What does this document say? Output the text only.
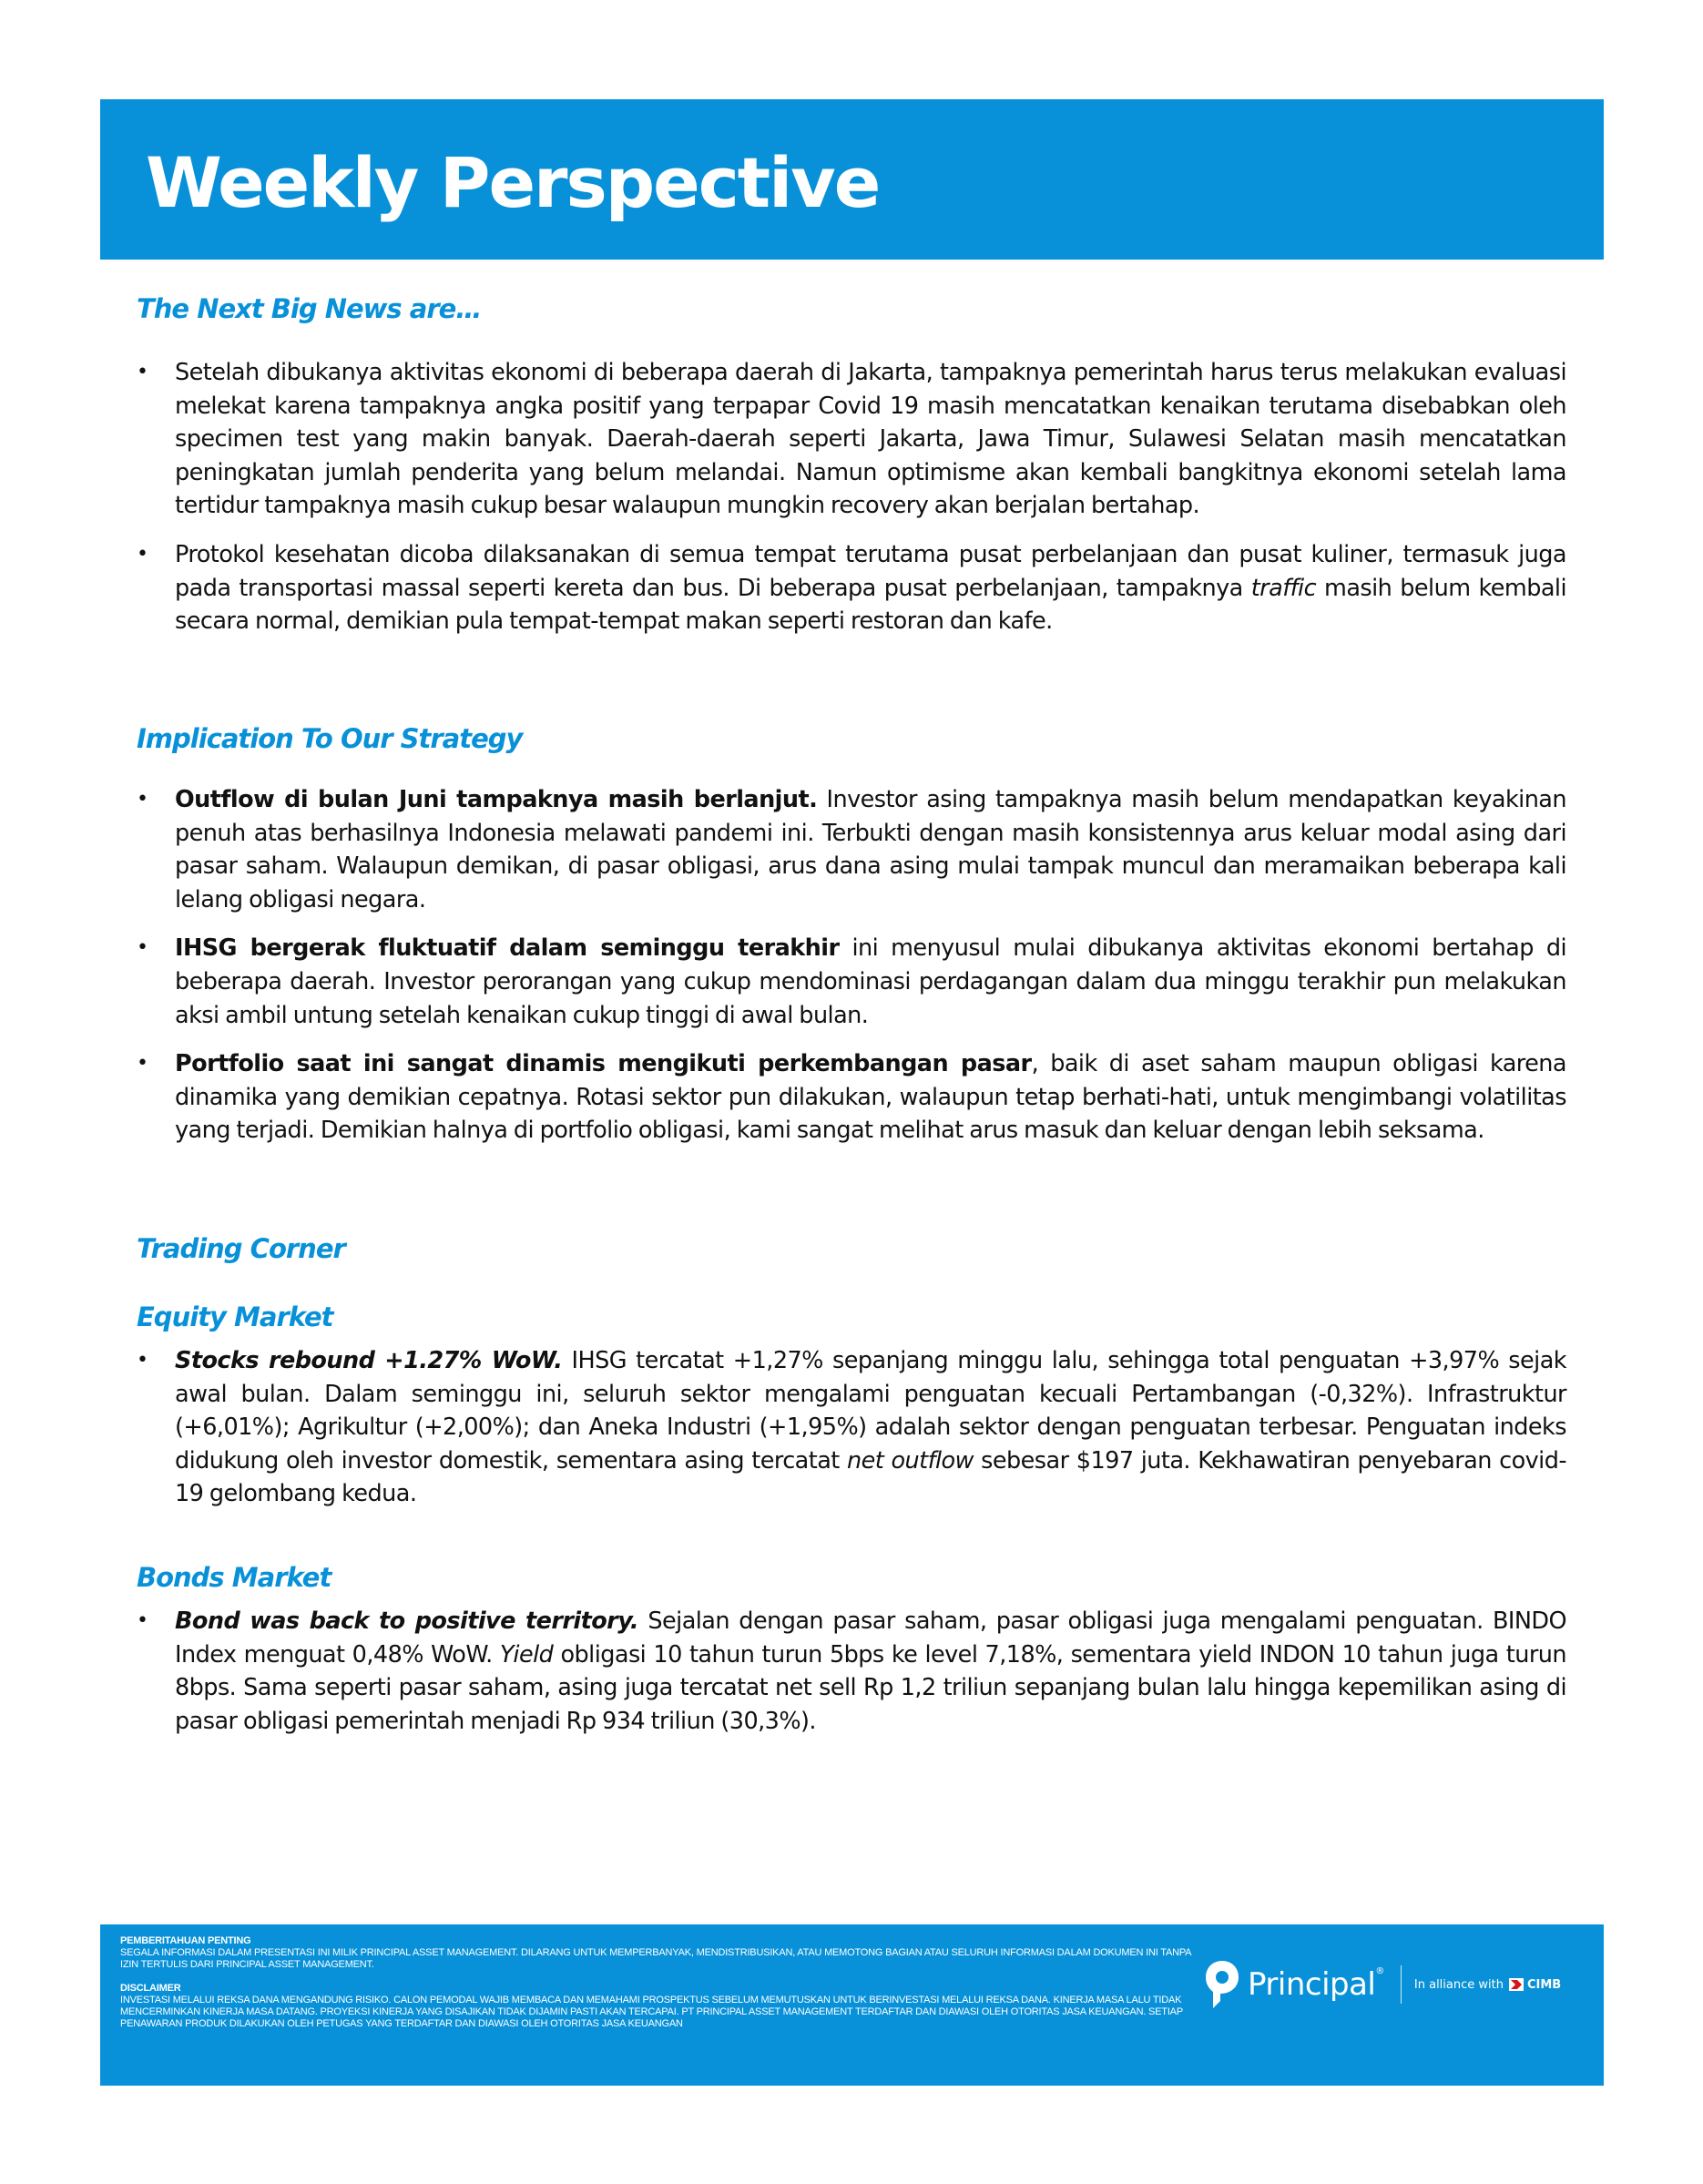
Weekly Perspective
The Next Big News are…
• Setelah dibukanya aktivitas ekonomi di beberapa daerah di Jakarta, tampaknya pemerintah harus terus melakukan evaluasi melekat karena tampaknya angka positif yang terpapar Covid 19 masih mencatatkan kenaikan terutama disebabkan oleh specimen test yang makin banyak. Daerah-daerah seperti Jakarta, Jawa Timur, Sulawesi Selatan masih mencatatkan peningkatan jumlah penderita yang belum melandai. Namun optimisme akan kembali bangkitnya ekonomi setelah lama tertidur tampaknya masih cukup besar walaupun mungkin recovery akan berjalan bertahap.
• Protokol kesehatan dicoba dilaksanakan di semua tempat terutama pusat perbelanjaan dan pusat kuliner, termasuk juga pada transportasi massal seperti kereta dan bus. Di beberapa pusat perbelanjaan, tampaknya traffic masih belum kembali secara normal, demikian pula tempat-tempat makan seperti restoran dan kafe.
Implication To Our Strategy
• Outflow di bulan Juni tampaknya masih berlanjut. Investor asing tampaknya masih belum mendapatkan keyakinan penuh atas berhasilnya Indonesia melawati pandemi ini. Terbukti dengan masih konsistennya arus keluar modal asing dari pasar saham. Walaupun demikan, di pasar obligasi, arus dana asing mulai tampak muncul dan meramaikan beberapa kali lelang obligasi negara.
• IHSG bergerak fluktuatif dalam seminggu terakhir ini menyusul mulai dibukanya aktivitas ekonomi bertahap di beberapa daerah. Investor perorangan yang cukup mendominasi perdagangan dalam dua minggu terakhir pun melakukan aksi ambil untung setelah kenaikan cukup tinggi di awal bulan.
• Portfolio saat ini sangat dinamis mengikuti perkembangan pasar, baik di aset saham maupun obligasi karena dinamika yang demikian cepatnya. Rotasi sektor pun dilakukan, walaupun tetap berhati-hati, untuk mengimbangi volatilitas yang terjadi. Demikian halnya di portfolio obligasi, kami sangat melihat arus masuk dan keluar dengan lebih seksama.
Trading Corner
Equity Market
• Stocks rebound +1.27% WoW. IHSG tercatat +1,27% sepanjang minggu lalu, sehingga total penguatan +3,97% sejak awal bulan. Dalam seminggu ini, seluruh sektor mengalami penguatan kecuali Pertambangan (-0,32%). Infrastruktur (+6,01%); Agrikultur (+2,00%); dan Aneka Industri (+1,95%) adalah sektor dengan penguatan terbesar. Penguatan indeks didukung oleh investor domestik, sementara asing tercatat net outflow sebesar $197 juta. Kekhawatiran penyebaran covid-19 gelombang kedua.
Bonds Market
• Bond was back to positive territory. Sejalan dengan pasar saham, pasar obligasi juga mengalami penguatan. BINDO Index menguat 0,48% WoW. Yield obligasi 10 tahun turun 5bps ke level 7,18%, sementara yield INDON 10 tahun juga turun 8bps. Sama seperti pasar saham, asing juga tercatat net sell Rp 1,2 triliun sepanjang bulan lalu hingga kepemilikan asing di pasar obligasi pemerintah menjadi Rp 934 triliun (30,3%).

PEMBERITAHUAN PENTING
SEGALA INFORMASI DALAM PRESENTASI INI MILIK PRINCIPAL ASSET MANAGEMENT. DILARANG UNTUK MEMPERBANYAK, MENDISTRIBUSIKAN, ATAU MEMOTONG BAGIAN ATAU SELURUH INFORMASI DALAM DOKUMEN INI TANPA IZIN TERTULIS DARI PRINCIPAL ASSET MANAGEMENT.

DISCLAIMER
INVESTASI MELALUI REKSA DANA MENGANDUNG RISIKO. CALON PEMODAL WAJIB MEMBACA DAN MEMAHAMI PROSPEKTUS SEBELUM MEMUTUSKAN UNTUK BERINVESTASI MELALUI REKSA DANA. KINERJA MASA LALU TIDAK MENCERMINKAN KINERJA MASA DATANG. PROYEKSI KINERJA YANG DISAJIKAN TIDAK DIJAMIN PASTI AKAN TERCAPAI. PT PRINCIPAL ASSET MANAGEMENT TERDAFTAR DAN DIAWASI OLEH OTORITAS JASA KEUANGAN. SETIAP PENAWARAN PRODUK DILAKUKAN OLEH PETUGAS YANG TERDAFTAR DAN DIAWASI OLEH OTORITAS JASA KEUANGAN

Principal®
In alliance with CIMB
